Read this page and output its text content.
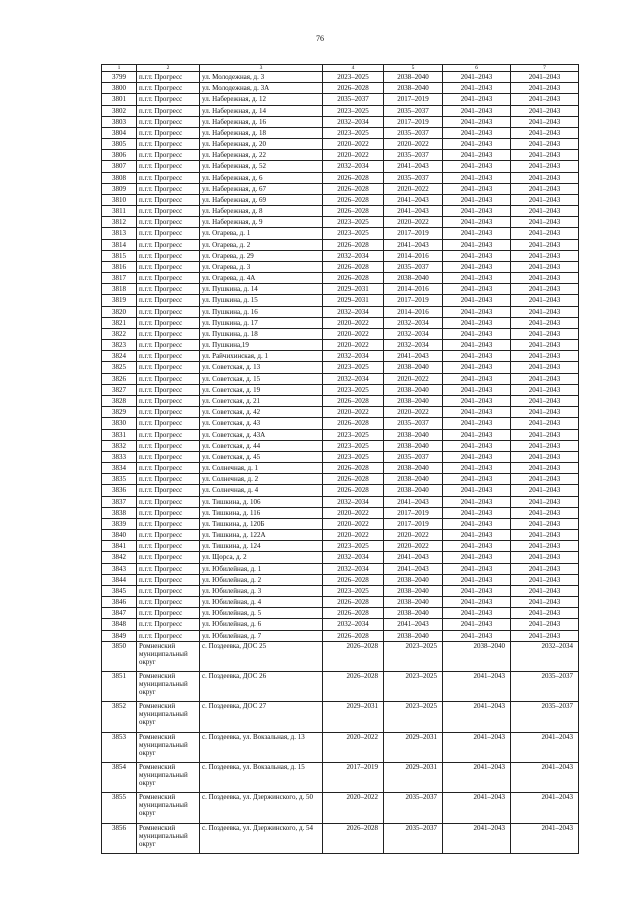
76
1	2	3	4	5	6	7
3799	п.г.т. Прогресс	ул. Молодежная, д. 3	2023–2025	2038–2040	2041–2043	2041–2043
3800	п.г.т. Прогресс	ул. Молодежная, д. 3А	2026–2028	2038–2040	2041–2043	2041–2043
3801	п.г.т. Прогресс	ул. Набережная, д. 12	2035–2037	2017–2019	2041–2043	2041–2043
3802	п.г.т. Прогресс	ул. Набережная, д. 14	2023–2025	2035–2037	2041–2043	2041–2043
3803	п.г.т. Прогресс	ул. Набережная, д. 16	2032–2034	2017–2019	2041–2043	2041–2043
3804	п.г.т. Прогресс	ул. Набережная, д. 18	2023–2025	2035–2037	2041–2043	2041–2043
3805	п.г.т. Прогресс	ул. Набережная, д. 20	2020–2022	2020–2022	2041–2043	2041–2043
3806	п.г.т. Прогресс	ул. Набережная, д. 22	2020–2022	2035–2037	2041–2043	2041–2043
3807	п.г.т. Прогресс	ул. Набережная, д. 52	2032–2034	2041–2043	2041–2043	2041–2043
3808	п.г.т. Прогресс	ул. Набережная, д. 6	2026–2028	2035–2037	2041–2043	2041–2043
3809	п.г.т. Прогресс	ул. Набережная, д. 67	2026–2028	2020–2022	2041–2043	2041–2043
3810	п.г.т. Прогресс	ул. Набережная, д. 69	2026–2028	2041–2043	2041–2043	2041–2043
3811	п.г.т. Прогресс	ул. Набережная, д. 8	2026–2028	2041–2043	2041–2043	2041–2043
3812	п.г.т. Прогресс	ул. Набережная, д. 9	2023–2025	2020–2022	2041–2043	2041–2043
3813	п.г.т. Прогресс	ул. Огарева, д. 1	2023–2025	2017–2019	2041–2043	2041–2043
3814	п.г.т. Прогресс	ул. Огарева, д. 2	2026–2028	2041–2043	2041–2043	2041–2043
3815	п.г.т. Прогресс	ул. Огарева, д. 29	2032–2034	2014–2016	2041–2043	2041–2043
3816	п.г.т. Прогресс	ул. Огарева, д. 3	2026–2028	2035–2037	2041–2043	2041–2043
3817	п.г.т. Прогресс	ул. Огарева, д. 4А	2026–2028	2038–2040	2041–2043	2041–2043
3818	п.г.т. Прогресс	ул. Пушкина, д. 14	2029–2031	2014–2016	2041–2043	2041–2043
3819	п.г.т. Прогресс	ул. Пушкина, д. 15	2029–2031	2017–2019	2041–2043	2041–2043
3820	п.г.т. Прогресс	ул. Пушкина, д. 16	2032–2034	2014–2016	2041–2043	2041–2043
3821	п.г.т. Прогресс	ул. Пушкина, д. 17	2020–2022	2032–2034	2041–2043	2041–2043
3822	п.г.т. Прогресс	ул. Пушкина, д. 18	2020–2022	2032–2034	2041–2043	2041–2043
3823	п.г.т. Прогресс	ул. Пушкина,19	2020–2022	2032–2034	2041–2043	2041–2043
3824	п.г.т. Прогресс	ул. Райчихинская, д. 1	2032–2034	2041–2043	2041–2043	2041–2043
3825	п.г.т. Прогресс	ул. Советская, д. 13	2023–2025	2038–2040	2041–2043	2041–2043
3826	п.г.т. Прогресс	ул. Советская, д. 15	2032–2034	2020–2022	2041–2043	2041–2043
3827	п.г.т. Прогресс	ул. Советская, д. 19	2023–2025	2038–2040	2041–2043	2041–2043
3828	п.г.т. Прогресс	ул. Советская, д. 21	2026–2028	2038–2040	2041–2043	2041–2043
3829	п.г.т. Прогресс	ул. Советская, д. 42	2020–2022	2020–2022	2041–2043	2041–2043
3830	п.г.т. Прогресс	ул. Советская, д. 43	2026–2028	2035–2037	2041–2043	2041–2043
3831	п.г.т. Прогресс	ул. Советская, д. 43А	2023–2025	2038–2040	2041–2043	2041–2043
3832	п.г.т. Прогресс	ул. Советская, д. 44	2023–2025	2038–2040	2041–2043	2041–2043
3833	п.г.т. Прогресс	ул. Советская, д. 45	2023–2025	2035–2037	2041–2043	2041–2043
3834	п.г.т. Прогресс	ул. Солнечная, д. 1	2026–2028	2038–2040	2041–2043	2041–2043
3835	п.г.т. Прогресс	ул. Солнечная, д. 2	2026–2028	2038–2040	2041–2043	2041–2043
3836	п.г.т. Прогресс	ул. Солнечная, д. 4	2026–2028	2038–2040	2041–2043	2041–2043
3837	п.г.т. Прогресс	ул. Тишкина, д. 106	2032–2034	2041–2043	2041–2043	2041–2043
3838	п.г.т. Прогресс	ул. Тишкина, д. 116	2020–2022	2017–2019	2041–2043	2041–2043
3839	п.г.т. Прогресс	ул. Тишкина, д. 120Б	2020–2022	2017–2019	2041–2043	2041–2043
3840	п.г.т. Прогресс	ул. Тишкина, д. 122А	2020–2022	2020–2022	2041–2043	2041–2043
3841	п.г.т. Прогресс	ул. Тишкина, д. 124	2023–2025	2020–2022	2041–2043	2041–2043
3842	п.г.т. Прогресс	ул. Щорса, д. 2	2032–2034	2041–2043	2041–2043	2041–2043
3843	п.г.т. Прогресс	ул. Юбилейная, д. 1	2032–2034	2041–2043	2041–2043	2041–2043
3844	п.г.т. Прогресс	ул. Юбилейная, д. 2	2026–2028	2038–2040	2041–2043	2041–2043
3845	п.г.т. Прогресс	ул. Юбилейная, д. 3	2023–2025	2038–2040	2041–2043	2041–2043
3846	п.г.т. Прогресс	ул. Юбилейная, д. 4	2026–2028	2038–2040	2041–2043	2041–2043
3847	п.г.т. Прогресс	ул. Юбилейная, д. 5	2026–2028	2038–2040	2041–2043	2041–2043
3848	п.г.т. Прогресс	ул. Юбилейная, д. 6	2032–2034	2041–2043	2041–2043	2041–2043
3849	п.г.т. Прогресс	ул. Юбилейная, д. 7	2026–2028	2038–2040	2041–2043	2041–2043
3850	Ромненский муниципальный округ	с. Поздеевка, ДОС 25	2026–2028	2023–2025	2038–2040	2032–2034
3851	Ромненский муниципальный округ	с. Поздеевка, ДОС 26	2026–2028	2023–2025	2041–2043	2035–2037
3852	Ромненский муниципальный округ	с. Поздеевка, ДОС 27	2029–2031	2023–2025	2041–2043	2035–2037
3853	Ромненский муниципальный округ	с. Поздеевка, ул. Вокзальная, д. 13	2020–2022	2029–2031	2041–2043	2041–2043
3854	Ромненский муниципальный округ	с. Поздеевка, ул. Вокзальная, д. 15	2017–2019	2029–2031	2041–2043	2041–2043
3855	Ромненский муниципальный округ	с. Поздеевка, ул. Дзержинского, д. 50	2020–2022	2035–2037	2041–2043	2041–2043
3856	Ромненский муниципальный округ	с. Поздеевка, ул. Дзержинского, д. 54	2026–2028	2035–2037	2041–2043	2041–2043
